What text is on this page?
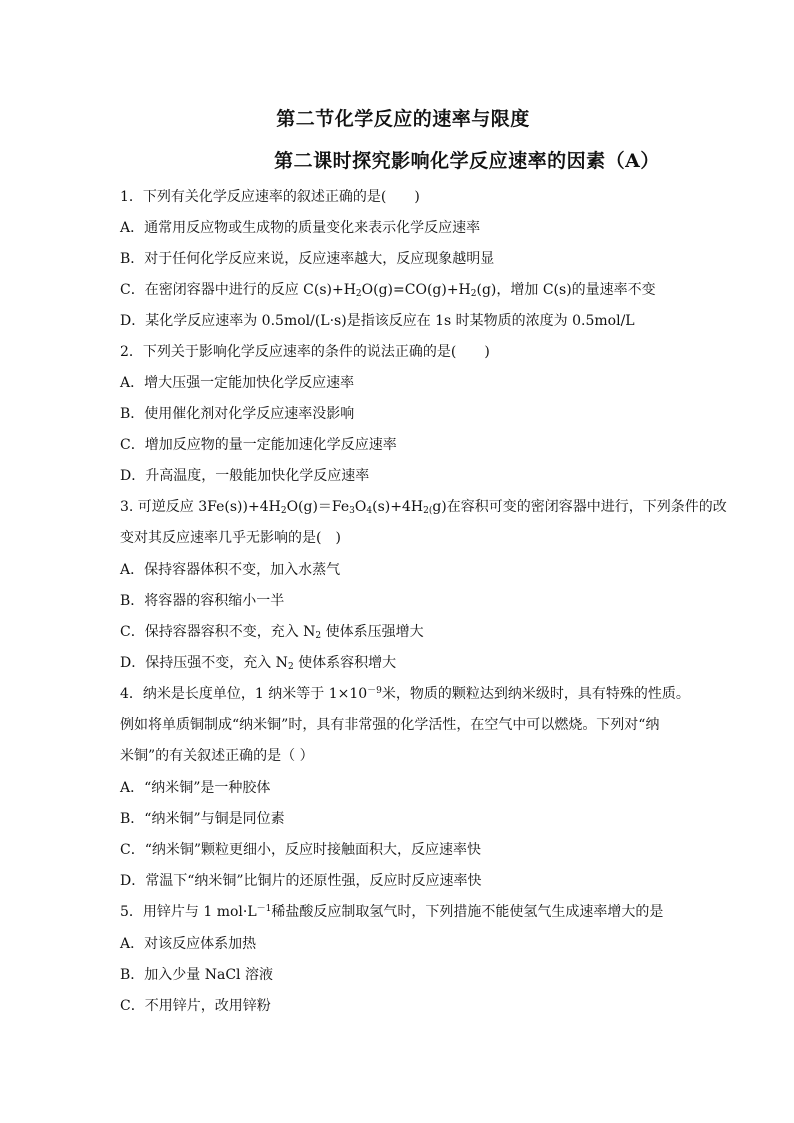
第二节化学反应的速率与限度
第二课时探究影响化学反应速率的因素（A）
1．下列有关化学反应速率的叙述正确的是(　　)
A．通常用反应物或生成物的质量变化来表示化学反应速率
B．对于任何化学反应来说，反应速率越大，反应现象越明显
C．在密闭容器中进行的反应 $C(s)+H_2O(g)=CO(g)+H_2(g)$，增加 C(s)的量速率不变
D．某化学反应速率为 0.5mol/(L·s)是指该反应在 1s 时某物质的浓度为 0.5mol/L
2．下列关于影响化学反应速率的条件的说法正确的是(　　)
A．增大压强一定能加快化学反应速率
B．使用催化剂对化学反应速率没影响
C．增加反应物的量一定能加速化学反应速率
D．升高温度，一般能加快化学反应速率
3. 可逆反应 $3Fe(s))+4H_2O(g)=Fe_3O_4(s)+4H_{2(}g$)在容积可变的密闭容器中进行，下列条件的改
变对其反应速率几乎无影响的是(　)
A．保持容器体积不变，加入水蒸气
B．将容器的容积缩小一半
C．保持容器容积不变，充入 $N_2$ 使体系压强增大
D．保持压强不变，充入 $N_2$ 使体系容积增大
4．纳米是长度单位，1 纳米等于 $1\times 10^{-9}$米，物质的颗粒达到纳米级时，具有特殊的性质。
例如将单质铜制成“纳米铜”时，具有非常强的化学活性，在空气中可以燃烧。下列对“纳
米铜”的有关叙述正确的是（ ）
A．“纳米铜”是一种胶体
B．“纳米铜”与铜是同位素
C．“纳米铜”颗粒更细小，反应时接触面积大，反应速率快
D．常温下“纳米铜”比铜片的还原性强，反应时反应速率快
5．用锌片与 1 $mol\cdot L^{-1}$稀盐酸反应制取氢气时，下列措施不能使氢气生成速率增大的是
A．对该反应体系加热
B．加入少量 NaCl 溶液
C．不用锌片，改用锌粉
